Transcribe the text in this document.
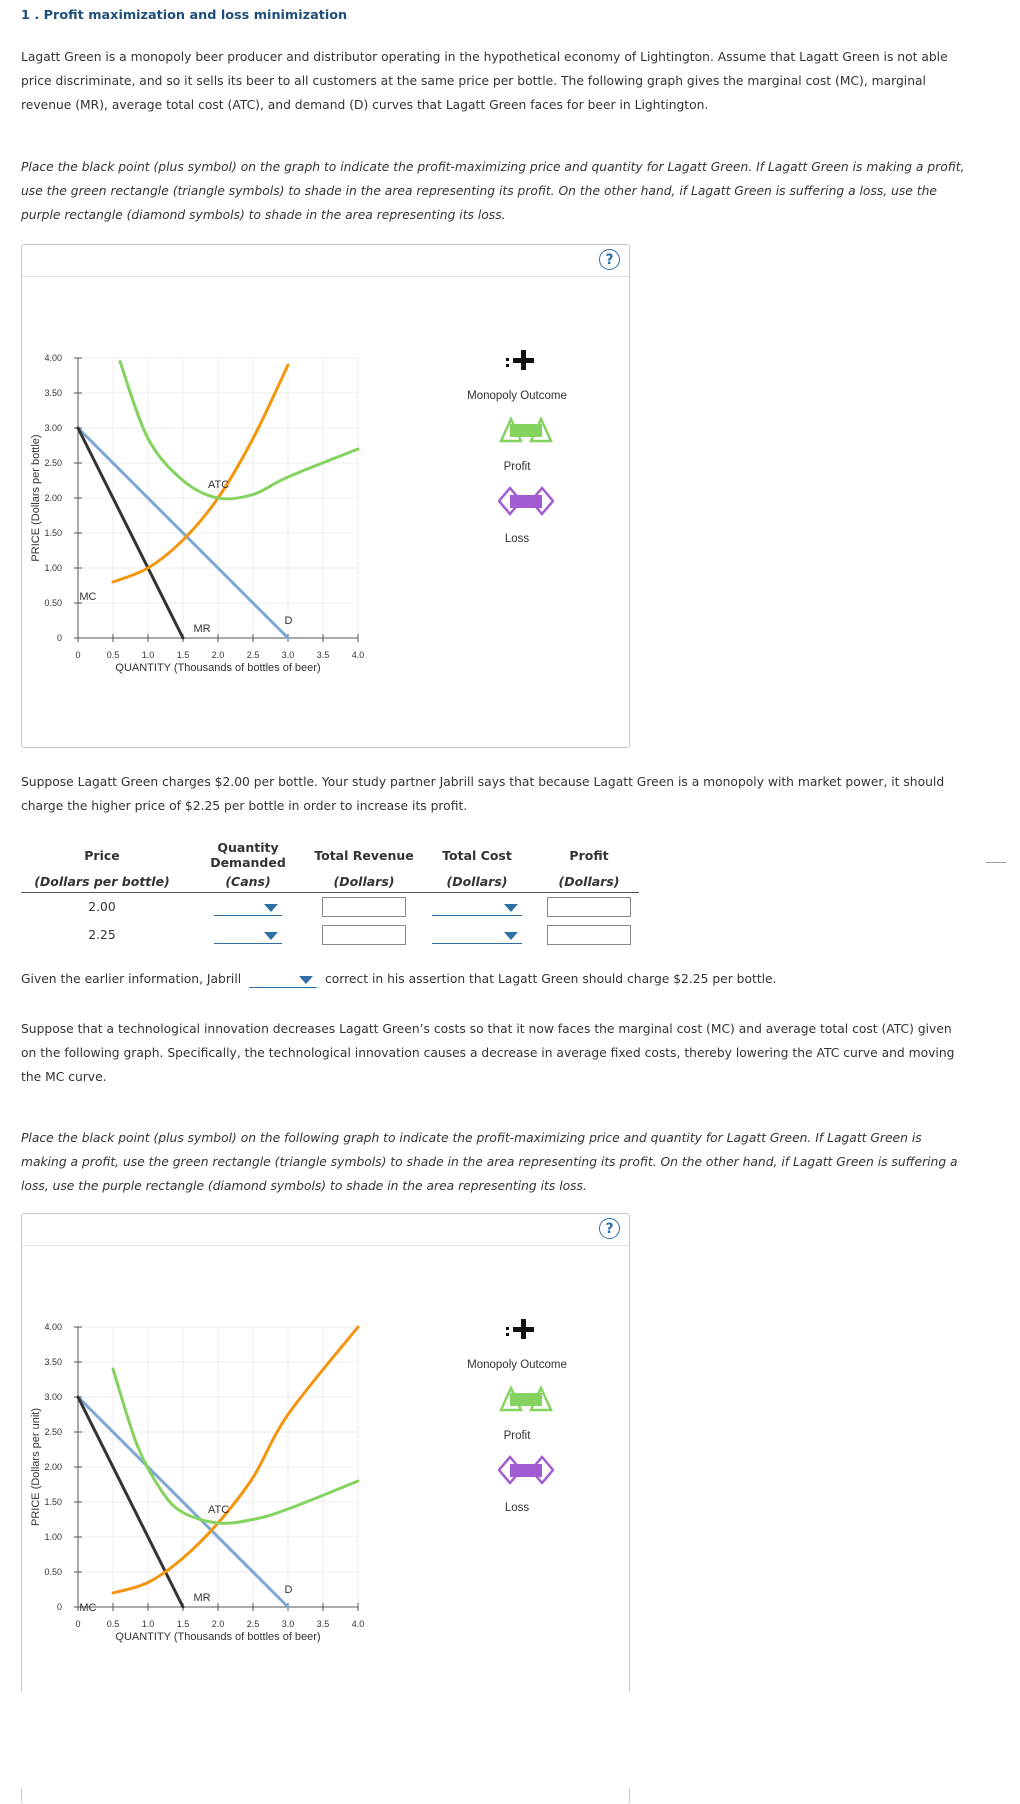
1 . Profit maximization and loss minimization
Lagatt Green is a monopoly beer producer and distributor operating in the hypothetical economy of Lightington. Assume that Lagatt Green is not able price discriminate, and so it sells its beer to all customers at the same price per bottle. The following graph gives the marginal cost (MC), marginal revenue (MR), average total cost (ATC), and demand (D) curves that Lagatt Green faces for beer in Lightington.
Place the black point (plus symbol) on the graph to indicate the profit-maximizing price and quantity for Lagatt Green. If Lagatt Green is making a profit, use the green rectangle (triangle symbols) to shade in the area representing its profit. On the other hand, if Lagatt Green is suffering a loss, use the purple rectangle (diamond symbols) to shade in the area representing its loss.
?
0	0.5 1.0 1.5 2.0 2.5 3.0 3.5 4.0
0
0.50
1.00
1.50
2.00
2.50
3.00
3.50
4.00
QUANTITY (Thousands of bottles of beer)
PRICE (Dollars per bottle)
MC
MR
D
ATC
Monopoly Outcome
Profit
Loss
Suppose Lagatt Green charges $2.00 per bottle. Your study partner Jabrill says that because Lagatt Green is a monopoly with market power, it should charge the higher price of $2.25 per bottle in order to increase its profit.
Price	Quantity Demanded	Total Revenue	Total Cost	Profit
(Dollars per bottle)	(Cans)	(Dollars)	(Dollars)	(Dollars)
2.00	

2.25	

Given the earlier information, Jabrill	correct in his assertion that Lagatt Green should charge $2.25 per bottle.
Suppose that a technological innovation decreases Lagatt Green’s costs so that it now faces the marginal cost (MC) and average total cost (ATC) given on the following graph. Specifically, the technological innovation causes a decrease in average fixed costs, thereby lowering the ATC curve and moving the MC curve.
Place the black point (plus symbol) on the following graph to indicate the profit-maximizing price and quantity for Lagatt Green. If Lagatt Green is making a profit, use the green rectangle (triangle symbols) to shade in the area representing its profit. On the other hand, if Lagatt Green is suffering a loss, use the purple rectangle (diamond symbols) to shade in the area representing its loss.
?
0	0.5 1.0 1.5 2.0 2.5 3.0 3.5 4.0
0
0.50
1.00
1.50
2.00
2.50
3.00
3.50
4.00
QUANTITY (Thousands of bottles of beer)
PRICE (Dollars per unit)
MC
MR
D
ATC
Monopoly Outcome
Profit
Loss
